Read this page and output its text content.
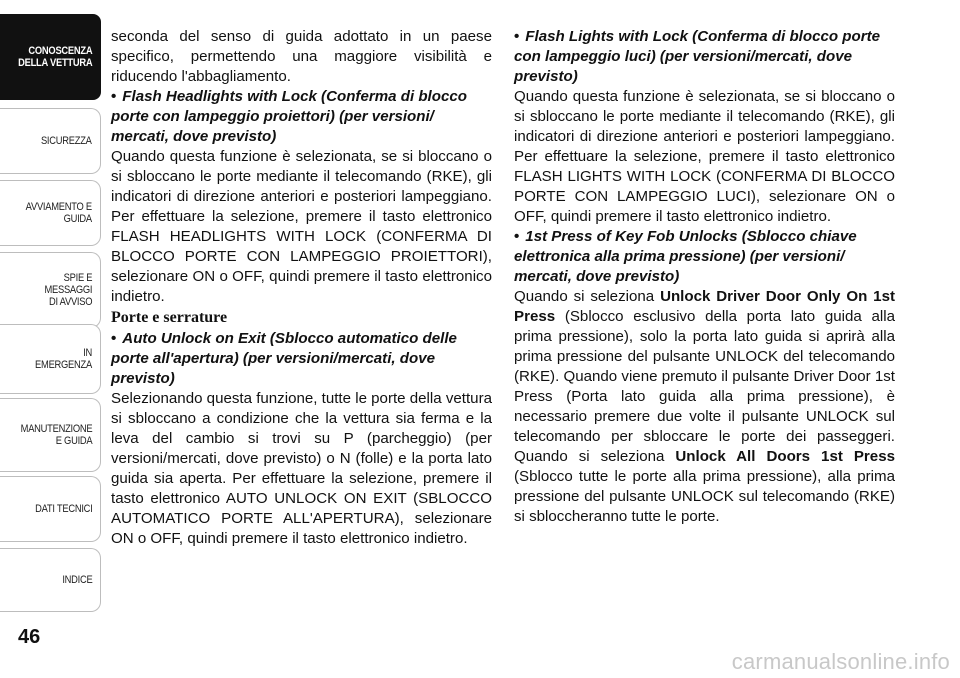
CONOSCENZA
DELLA VETTURA
SICUREZZA
AVVIAMENTO E
GUIDA
SPIE E
MESSAGGI
DI AVVISO
IN
EMERGENZA
MANUTENZIONE
E GUIDA
DATI TECNICI
INDICE
46

seconda del senso di guida adottato in un paese specifico, permettendo una maggiore visibilità e riducendo l'abbagliamento.

• Flash Headlights with Lock (Conferma di blocco porte con lampeggio proiettori) (per versioni/ mercati, dove previsto)

Quando questa funzione è selezionata, se si bloccano o si sbloccano le porte mediante il telecomando (RKE), gli indicatori di direzione anteriori e posteriori lampeggiano. Per effettuare la selezione, premere il tasto elettronico FLASH HEADLIGHTS WITH LOCK (CONFERMA DI BLOCCO PORTE CON LAMPEGGIO PROIETTORI), selezionare ON o OFF, quindi premere il tasto elettronico indietro.

Porte e serrature

• Auto Unlock on Exit (Sblocco automatico delle porte all'apertura) (per versioni/mercati, dove previsto)

Selezionando questa funzione, tutte le porte della vettura si sbloccano a condizione che la vettura sia ferma e la leva del cambio si trovi su P (parcheggio) (per versioni/mercati, dove previsto) o N (folle) e la porta lato guida sia aperta. Per effettuare la selezione, premere il tasto elettronico AUTO UNLOCK ON EXIT (SBLOCCO AUTOMATICO PORTE ALL'APERTURA), selezionare ON o OFF, quindi premere il tasto elettronico indietro.

• Flash Lights with Lock (Conferma di blocco porte con lampeggio luci) (per versioni/mercati, dove previsto)

Quando questa funzione è selezionata, se si bloccano o si sbloccano le porte mediante il telecomando (RKE), gli indicatori di direzione anteriori e posteriori lampeggiano. Per effettuare la selezione, premere il tasto elettronico FLASH LIGHTS WITH LOCK (CONFERMA DI BLOCCO PORTE CON LAMPEGGIO LUCI), selezionare ON o OFF, quindi premere il tasto elettronico indietro.

• 1st Press of Key Fob Unlocks (Sblocco chiave elettronica alla prima pressione) (per versioni/ mercati, dove previsto)

Quando si seleziona Unlock Driver Door Only On 1st Press (Sblocco esclusivo della porta lato guida alla prima pressione), solo la porta lato guida si aprirà alla prima pressione del pulsante UNLOCK del telecomando (RKE). Quando viene premuto il pulsante Driver Door 1st Press (Porta lato guida alla prima pressione), è necessario premere due volte il pulsante UNLOCK sul telecomando per sbloccare le porte dei passeggeri. Quando si seleziona Unlock All Doors 1st Press (Sblocco tutte le porte alla prima pressione), alla prima pressione del pulsante UNLOCK sul telecomando (RKE) si sbloccheranno tutte le porte.

carmanualsonline.info
